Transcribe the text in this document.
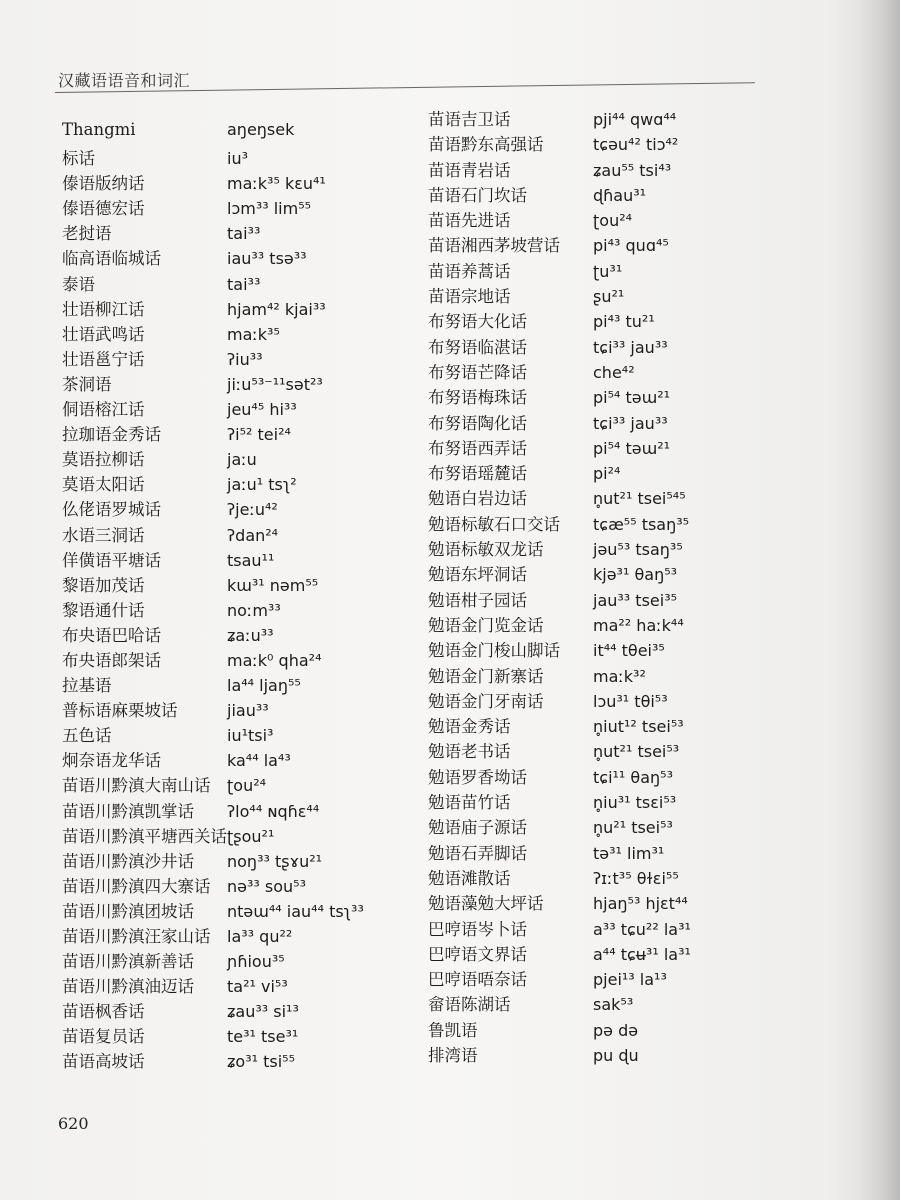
汉藏语语音和词汇
Thangmi	aŋeŋsek
标话	iu³
傣语版纳话	maːk³⁵ kɛu⁴¹
傣语德宏话	lɔm³³ lim⁵⁵
老挝语	tai³³
临高语临城话	iau³³ tsə³³
泰语	tai³³
壮语柳江话	hjam⁴² kjai³³
壮语武鸣话	maːk³⁵
壮语邕宁话	ʔiu³³
茶洞语	jiːu⁵³⁻¹¹sət²³
侗语榕江话	jeu⁴⁵ hi³³
拉珈语金秀话	ʔi⁵² tei²⁴
莫语拉柳话	jaːu
莫语太阳话	jaːu¹ tsʅ²
仫佬语罗城话	ʔjeːu⁴²
水语三洞话	ʔdan²⁴
佯僙语平塘话	tsau¹¹
黎语加茂话	kɯ³¹ nəm⁵⁵
黎语通什话	noːm³³
布央语巴哈话	ʑaːu³³
布央语郎架话	maːk⁰ qha²⁴
拉基语	la⁴⁴ ljaŋ⁵⁵
普标语麻栗坡话	jiau³³
五色话	iu¹tsi³
炯奈语龙华话	ka⁴⁴ la⁴³
苗语川黔滇大南山话	ʈou²⁴
苗语川黔滇凯掌话	ʔlo⁴⁴ ɴqɦɛ⁴⁴
苗语川黔滇平塘西关话 ʈʂou²¹
苗语川黔滇沙井话	noŋ³³ tʂɤu²¹
苗语川黔滇四大寨话	nə³³ sou⁵³
苗语川黔滇团坡话	ntəɯ⁴⁴ iau⁴⁴ tsʅ³³
苗语川黔滇汪家山话	la³³ qu²²
苗语川黔滇新善话	ɲɦiou³⁵
苗语川黔滇油迈话	ta²¹ vi⁵³
苗语枫香话	ʑau³³ si¹³
苗语复员话	te³¹ tse³¹
苗语高坡话	ʑo³¹ tsi⁵⁵
苗语吉卫话	pji⁴⁴ qwɑ⁴⁴
苗语黔东高强话	tɕəu⁴² tiɔ⁴²
苗语青岩话	ʑau⁵⁵ tsi⁴³
苗语石门坎话	ɖɦau³¹
苗语先进话	ʈou²⁴
苗语湘西茅坡营话	pi⁴³ quɑ⁴⁵
苗语养蒿话	ʈu³¹
苗语宗地话	ʂu²¹
布努语大化话	pi⁴³ tu²¹
布努语临湛话	tɕi³³ jau³³
布努语芒降话	che⁴²
布努语梅珠话	pi⁵⁴ təɯ²¹
布努语陶化话	tɕi³³ jau³³
布努语西弄话	pi⁵⁴ təɯ²¹
布努语瑶麓话	pi²⁴
勉语白岩边话	n̥ut²¹ tsei⁵⁴⁵
勉语标敏石口交话	tɕæ⁵⁵ tsaŋ³⁵
勉语标敏双龙话	jəu⁵³ tsaŋ³⁵
勉语东坪洞话	kjə³¹ θaŋ⁵³
勉语柑子园话	jau³³ tsei³⁵
勉语金门览金话	ma²² haːk⁴⁴
勉语金门梭山脚话	it⁴⁴ tθei³⁵
勉语金门新寨话	maːk³²
勉语金门牙南话	lɔu³¹ tθi⁵³
勉语金秀话	n̥iut¹² tsei⁵³
勉语老书话	n̥ut²¹ tsei⁵³
勉语罗香坳话	tɕi¹¹ θaŋ⁵³
勉语苗竹话	n̥iu³¹ tsɛi⁵³
勉语庙子源话	n̥u²¹ tsei⁵³
勉语石弄脚话	tə³¹ lim³¹
勉语滩散话	ʔɪːt³⁵ θɫɛi⁵⁵
勉语藻勉大坪话	hjaŋ⁵³ hjɛt⁴⁴
巴哼语岑卜话	a³³ tɕu²² la³¹
巴哼语文界话	a⁴⁴ tɕʉ³¹ la³¹
巴哼语唔奈话	pjei¹³ la¹³
畲语陈湖话	sak⁵³
鲁凯语	pə də
排湾语	pu ɖu
620
